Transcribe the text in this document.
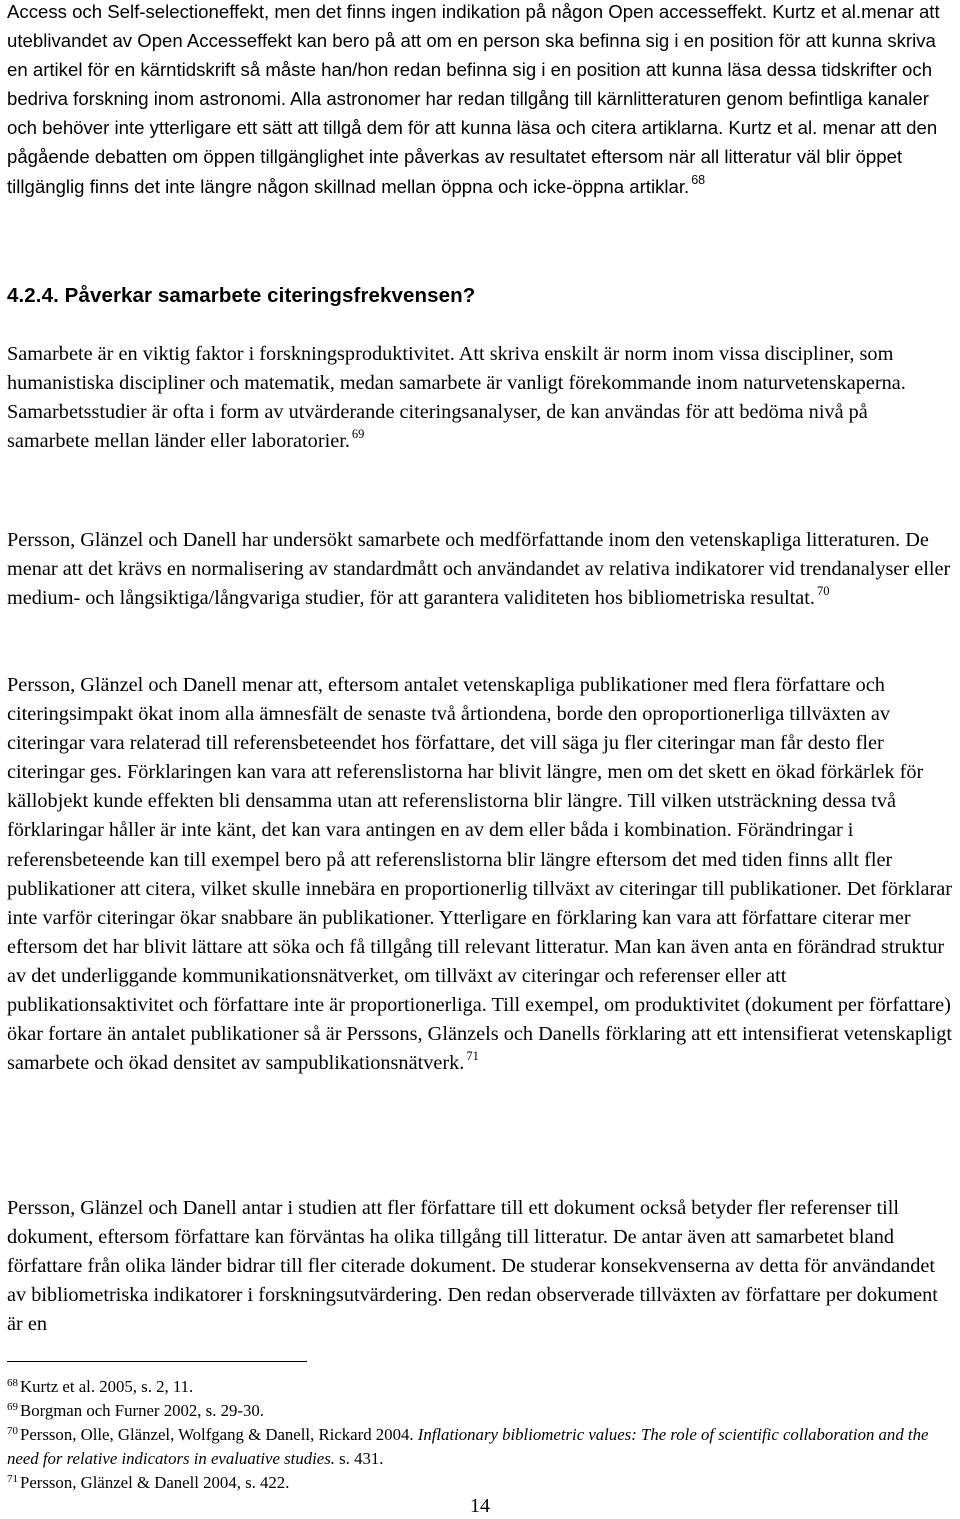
Access och Self-selectioneffekt, men det finns ingen indikation på någon Open accesseffekt. Kurtz et al.menar att uteblivandet av Open Accesseffekt kan bero på att om en person ska befinna sig i en position för att kunna skriva en artikel för en kärntidskrift så måste han/hon redan befinna sig i en position att kunna läsa dessa tidskrifter och bedriva forskning inom astronomi. Alla astronomer har redan tillgång till kärnlitteraturen genom befintliga kanaler och behöver inte ytterligare ett sätt att tillgå dem för att kunna läsa och citera artiklarna. Kurtz et al. menar att den pågående debatten om öppen tillgänglighet inte påverkas av resultatet eftersom när all litteratur väl blir öppet tillgänglig finns det inte längre någon skillnad mellan öppna och icke-öppna artiklar. $^{68}$
4.2.4. Påverkar samarbete citeringsfrekvensen?
Samarbete är en viktig faktor i forskningsproduktivitet. Att skriva enskilt är norm inom vissa discipliner, som humanistiska discipliner och matematik, medan samarbete är vanligt förekommande inom naturvetenskaperna. Samarbetsstudier är ofta i form av utvärderande citeringsanalyser, de kan användas för att bedöma nivå på samarbete mellan länder eller laboratorier. $^{69}$
Persson, Glänzel och Danell har undersökt samarbete och medförfattande inom den vetenskapliga litteraturen. De menar att det krävs en normalisering av standardmått och användandet av relativa indikatorer vid trendanalyser eller medium- och långsiktiga/långvariga studier, för att garantera validiteten hos bibliometriska resultat. $^{70}$
Persson, Glänzel och Danell menar att, eftersom antalet vetenskapliga publikationer med flera författare och citeringsimpakt ökat inom alla ämnesfält de senaste två årtiondena, borde den oproportionerliga tillväxten av citeringar vara relaterad till referensbeteendet hos författare, det vill säga ju fler citeringar man får desto fler citeringar ges. Förklaringen kan vara att referenslistorna har blivit längre, men om det skett en ökad förkärlek för källobjekt kunde effekten bli densamma utan att referenslistorna blir längre. Till vilken utsträckning dessa två förklaringar håller är inte känt, det kan vara antingen en av dem eller båda i kombination. Förändringar i referensbeteende kan till exempel bero på att referenslistorna blir längre eftersom det med tiden finns allt fler publikationer att citera, vilket skulle innebära en proportionerlig tillväxt av citeringar till publikationer. Det förklarar inte varför citeringar ökar snabbare än publikationer. Ytterligare en förklaring kan vara att författare citerar mer eftersom det har blivit lättare att söka och få tillgång till relevant litteratur. Man kan även anta en förändrad struktur av det underliggande kommunikationsnätverket, om tillväxt av citeringar och referenser eller att publikationsaktivitet och författare inte är proportionerliga. Till exempel, om produktivitet (dokument per författare) ökar fortare än antalet publikationer så är Perssons, Glänzels och Danells förklaring att ett intensifierat vetenskapligt samarbete och ökad densitet av sampublikationsnätverk. $^{71}$
Persson, Glänzel och Danell antar i studien att fler författare till ett dokument också betyder fler referenser till dokument, eftersom författare kan förväntas ha olika tillgång till litteratur. De antar även att samarbetet bland författare från olika länder bidrar till fler citerade dokument. De studerar konsekvenserna av detta för användandet av bibliometriska indikatorer i forskningsutvärdering. Den redan observerade tillväxten av författare per dokument är en
$^{68}$ Kurtz et al. 2005, s. 2, 11.
$^{69}$ Borgman och Furner 2002, s. 29-30.
$^{70}$ Persson, Olle, Glänzel, Wolfgang & Danell, Rickard 2004. Inflationary bibliometric values: The role of scientific collaboration and the need for relative indicators in evaluative studies. s. 431.
$^{71}$ Persson, Glänzel & Danell 2004, s. 422.
14
